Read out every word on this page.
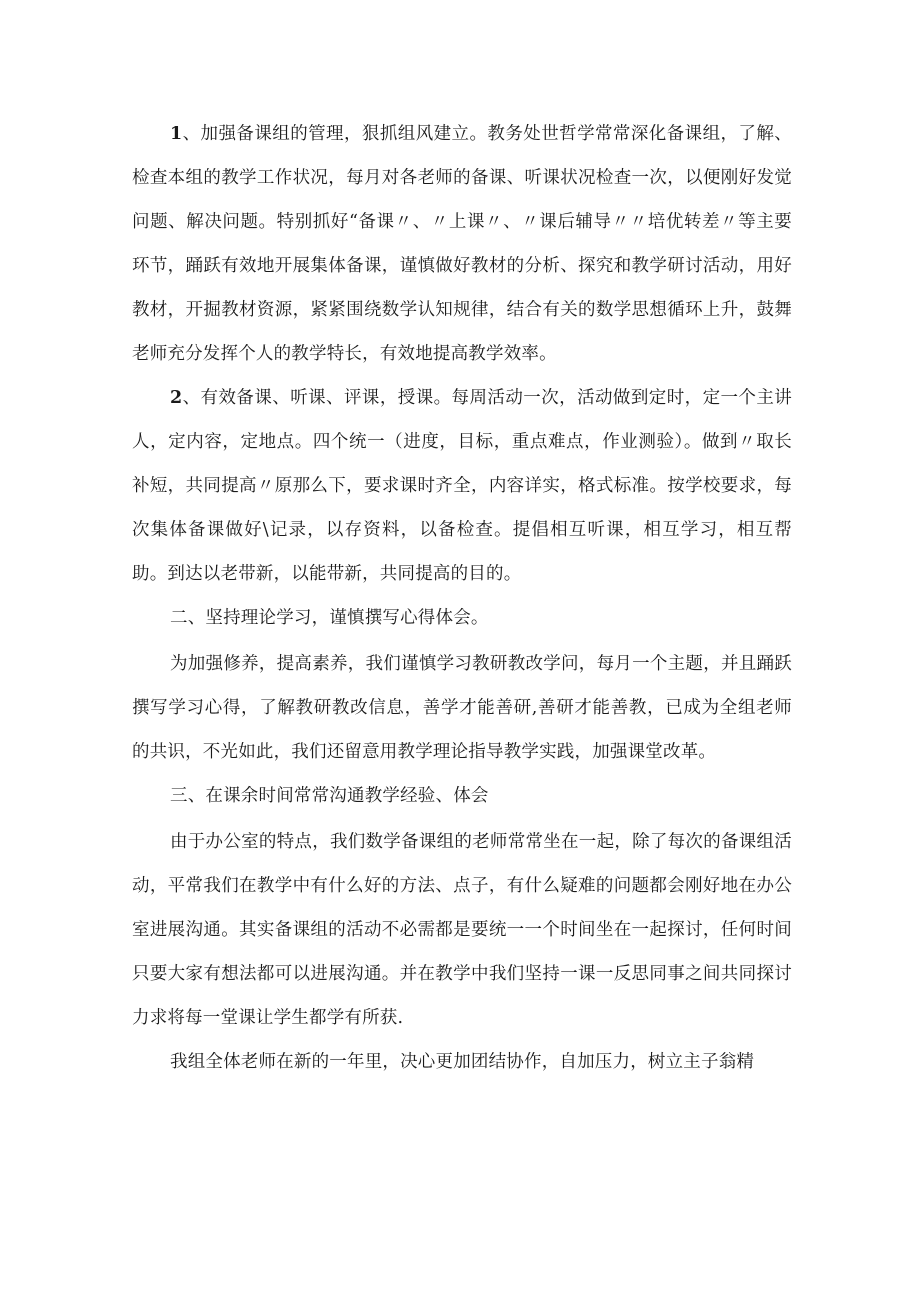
1、加强备课组的管理，狠抓组风建立。教务处世哲学常常深化备课组，了解、检查本组的教学工作状况，每月对各老师的备课、听课状况检查一次，以便刚好发觉问题、解决问题。特别抓好“备课〃、〃上课〃、〃课后辅导〃〃培优转差〃等主要环节，踊跃有效地开展集体备课，谨慎做好教材的分析、探究和教学研讨活动，用好教材，开掘教材资源，紧紧围绕数学认知规律，结合有关的数学思想循环上升，鼓舞老师充分发挥个人的教学特长，有效地提高教学效率。

2、有效备课、听课、评课，授课。每周活动一次，活动做到定时，定一个主讲人，定内容，定地点。四个统一（进度，目标，重点难点，作业测验）。做到〃取长补短，共同提高〃原那么下，要求课时齐全，内容详实，格式标准。按学校要求，每次集体备课做好\记录，以存资料，以备检查。提倡相互听课，相互学习，相互帮助。到达以老带新，以能带新，共同提高的目的。

二、坚持理论学习，谨慎撰写心得体会。

为加强修养，提高素养，我们谨慎学习教研教改学问，每月一个主题，并且踊跃撰写学习心得，了解教研教改信息，善学才能善研,善研才能善教，已成为全组老师的共识，不光如此，我们还留意用教学理论指导教学实践，加强课堂改革。

三、在课余时间常常沟通教学经验、体会

由于办公室的特点，我们数学备课组的老师常常坐在一起，除了每次的备课组活动，平常我们在教学中有什么好的方法、点子，有什么疑难的问题都会刚好地在办公室进展沟通。其实备课组的活动不必需都是要统一一个时间坐在一起探讨，任何时间只要大家有想法都可以进展沟通。并在教学中我们坚持一课一反思同事之间共同探讨力求将每一堂课让学生都学有所获.

我组全体老师在新的一年里，决心更加团结协作，自加压力，树立主子翁精
